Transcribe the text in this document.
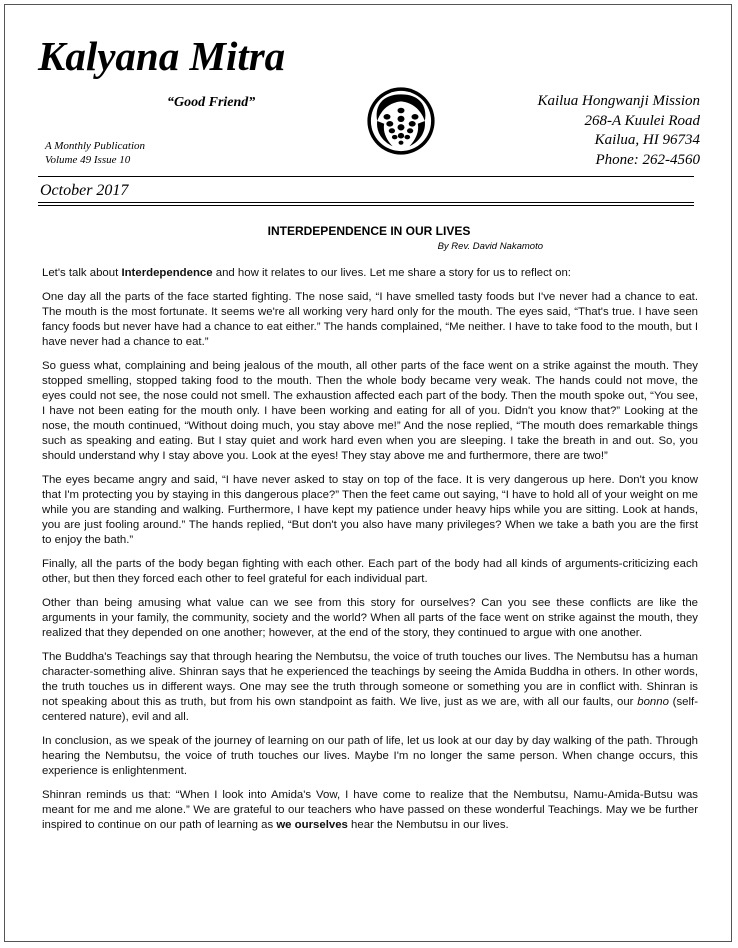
Kalyana Mitra
“Good Friend”
A Monthly Publication
Volume 49 Issue 10
Kailua Hongwanji Mission
268-A Kuulei Road
Kailua, HI 96734
Phone: 262-4560
October 2017
INTERDEPENDENCE IN OUR LIVES
By Rev. David Nakamoto

Let's talk about Interdependence and how it relates to our lives. Let me share a story for us to reflect on:

One day all the parts of the face started fighting. The nose said, “I have smelled tasty foods but I've never had a chance to eat. The mouth is the most fortunate. It seems we're all working very hard only for the mouth. The eyes said, “That's true. I have seen fancy foods but never have had a chance to eat either.” The hands complained, “Me neither. I have to take food to the mouth, but I have never had a chance to eat.”

So guess what, complaining and being jealous of the mouth, all other parts of the face went on a strike against the mouth. They stopped smelling, stopped taking food to the mouth. Then the whole body became very weak. The hands could not move, the eyes could not see, the nose could not smell. The exhaustion affected each part of the body. Then the mouth spoke out, “You see, I have not been eating for the mouth only. I have been working and eating for all of you. Didn't you know that?” Looking at the nose, the mouth continued, “Without doing much, you stay above me!” And the nose replied, “The mouth does remarkable things such as speaking and eating. But I stay quiet and work hard even when you are sleeping. I take the breath in and out. So, you should understand why I stay above you. Look at the eyes! They stay above me and furthermore, there are two!”

The eyes became angry and said, “I have never asked to stay on top of the face. It is very dangerous up here. Don't you know that I'm protecting you by staying in this dangerous place?” Then the feet came out saying, “I have to hold all of your weight on me while you are standing and walking. Furthermore, I have kept my patience under heavy hips while you are sitting. Look at hands, you are just fooling around.” The hands replied, “But don't you also have many privileges? When we take a bath you are the first to enjoy the bath.”

Finally, all the parts of the body began fighting with each other. Each part of the body had all kinds of arguments-criticizing each other, but then they forced each other to feel grateful for each individual part.

Other than being amusing what value can we see from this story for ourselves? Can you see these conflicts are like the arguments in your family, the community, society and the world? When all parts of the face went on strike against the mouth, they realized that they depended on one another; however, at the end of the story, they continued to argue with one another.

The Buddha's Teachings say that through hearing the Nembutsu, the voice of truth touches our lives. The Nembutsu has a human character-something alive. Shinran says that he experienced the teachings by seeing the Amida Buddha in others. In other words, the truth touches us in different ways. One may see the truth through someone or something you are in conflict with. Shinran is not speaking about this as truth, but from his own standpoint as faith. We live, just as we are, with all our faults, our bonno (self-centered nature), evil and all.

In conclusion, as we speak of the journey of learning on our path of life, let us look at our day by day walking of the path. Through hearing the Nembutsu, the voice of truth touches our lives. Maybe I'm no longer the same person. When change occurs, this experience is enlightenment.

Shinran reminds us that: “When I look into Amida's Vow, I have come to realize that the Nembutsu, Namu-Amida-Butsu was meant for me and me alone.” We are grateful to our teachers who have passed on these wonderful Teachings. May we be further inspired to continue on our path of learning as we ourselves hear the Nembutsu in our lives.
